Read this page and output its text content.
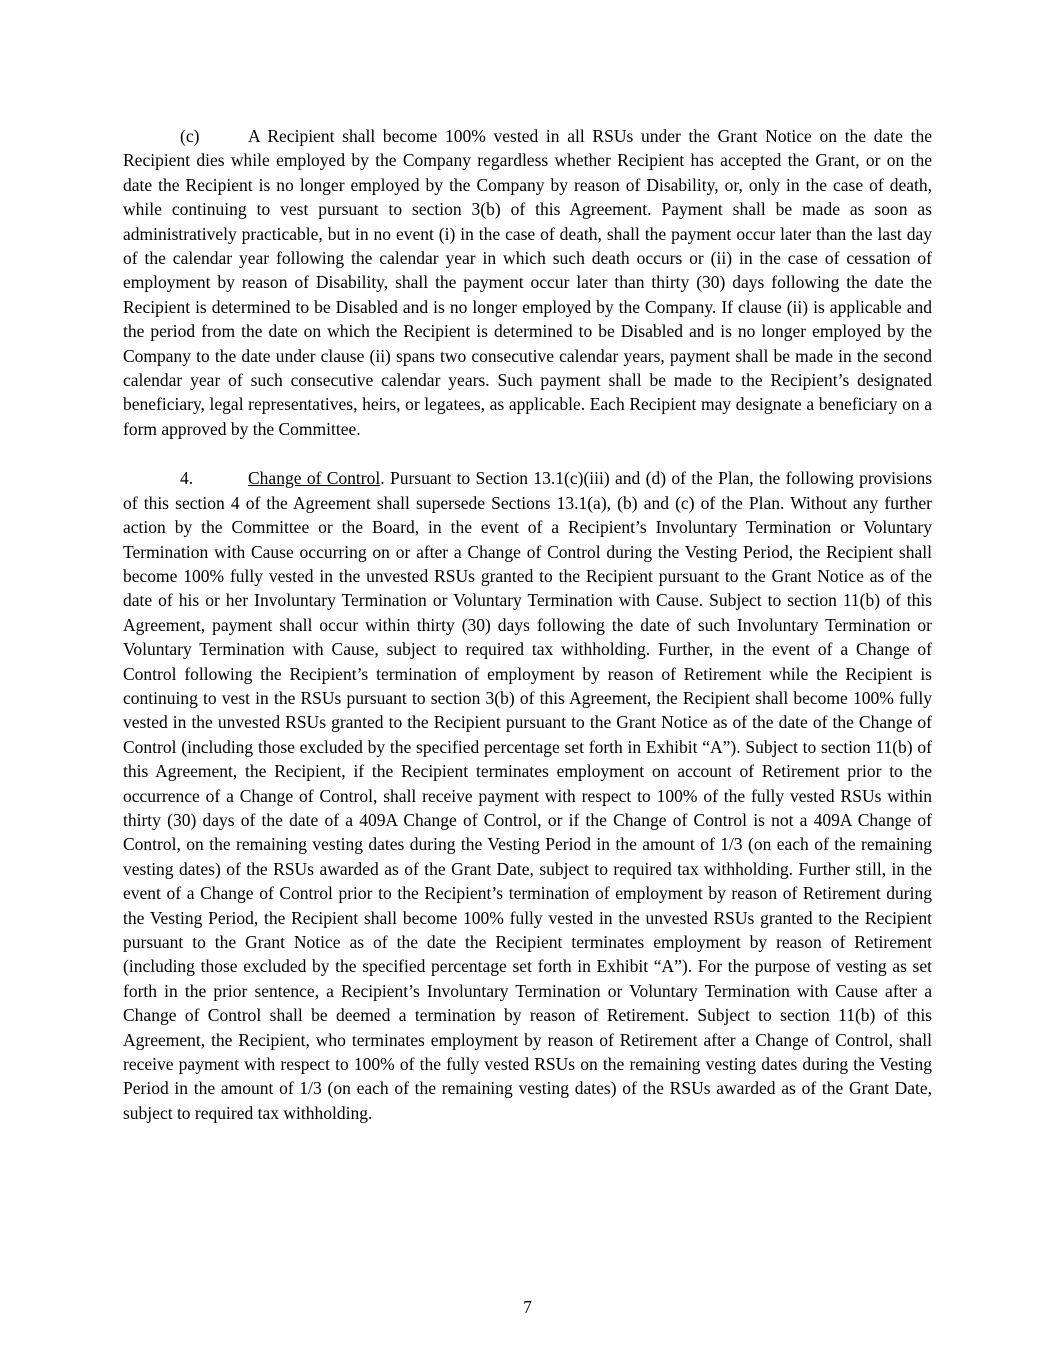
(c)	A Recipient shall become 100% vested in all RSUs under the Grant Notice on the date the Recipient dies while employed by the Company regardless whether Recipient has accepted the Grant, or on the date the Recipient is no longer employed by the Company by reason of Disability, or, only in the case of death, while continuing to vest pursuant to section 3(b) of this Agreement. Payment shall be made as soon as administratively practicable, but in no event (i) in the case of death, shall the payment occur later than the last day of the calendar year following the calendar year in which such death occurs or (ii) in the case of cessation of employment by reason of Disability, shall the payment occur later than thirty (30) days following the date the Recipient is determined to be Disabled and is no longer employed by the Company. If clause (ii) is applicable and the period from the date on which the Recipient is determined to be Disabled and is no longer employed by the Company to the date under clause (ii) spans two consecutive calendar years, payment shall be made in the second calendar year of such consecutive calendar years. Such payment shall be made to the Recipient’s designated beneficiary, legal representatives, heirs, or legatees, as applicable. Each Recipient may designate a beneficiary on a form approved by the Committee.

4.	Change of Control. Pursuant to Section 13.1(c)(iii) and (d) of the Plan, the following provisions of this section 4 of the Agreement shall supersede Sections 13.1(a), (b) and (c) of the Plan. Without any further action by the Committee or the Board, in the event of a Recipient’s Involuntary Termination or Voluntary Termination with Cause occurring on or after a Change of Control during the Vesting Period, the Recipient shall become 100% fully vested in the unvested RSUs granted to the Recipient pursuant to the Grant Notice as of the date of his or her Involuntary Termination or Voluntary Termination with Cause. Subject to section 11(b) of this Agreement, payment shall occur within thirty (30) days following the date of such Involuntary Termination or Voluntary Termination with Cause, subject to required tax withholding. Further, in the event of a Change of Control following the Recipient’s termination of employment by reason of Retirement while the Recipient is continuing to vest in the RSUs pursuant to section 3(b) of this Agreement, the Recipient shall become 100% fully vested in the unvested RSUs granted to the Recipient pursuant to the Grant Notice as of the date of the Change of Control (including those excluded by the specified percentage set forth in Exhibit “A”). Subject to section 11(b) of this Agreement, the Recipient, if the Recipient terminates employment on account of Retirement prior to the occurrence of a Change of Control, shall receive payment with respect to 100% of the fully vested RSUs within thirty (30) days of the date of a 409A Change of Control, or if the Change of Control is not a 409A Change of Control, on the remaining vesting dates during the Vesting Period in the amount of 1/3 (on each of the remaining vesting dates) of the RSUs awarded as of the Grant Date, subject to required tax withholding. Further still, in the event of a Change of Control prior to the Recipient’s termination of employment by reason of Retirement during the Vesting Period, the Recipient shall become 100% fully vested in the unvested RSUs granted to the Recipient pursuant to the Grant Notice as of the date the Recipient terminates employment by reason of Retirement (including those excluded by the specified percentage set forth in Exhibit “A”). For the purpose of vesting as set forth in the prior sentence, a Recipient’s Involuntary Termination or Voluntary Termination with Cause after a Change of Control shall be deemed a termination by reason of Retirement. Subject to section 11(b) of this Agreement, the Recipient, who terminates employment by reason of Retirement after a Change of Control, shall receive payment with respect to 100% of the fully vested RSUs on the remaining vesting dates during the Vesting Period in the amount of 1/3 (on each of the remaining vesting dates) of the RSUs awarded as of the Grant Date, subject to required tax withholding.

7
